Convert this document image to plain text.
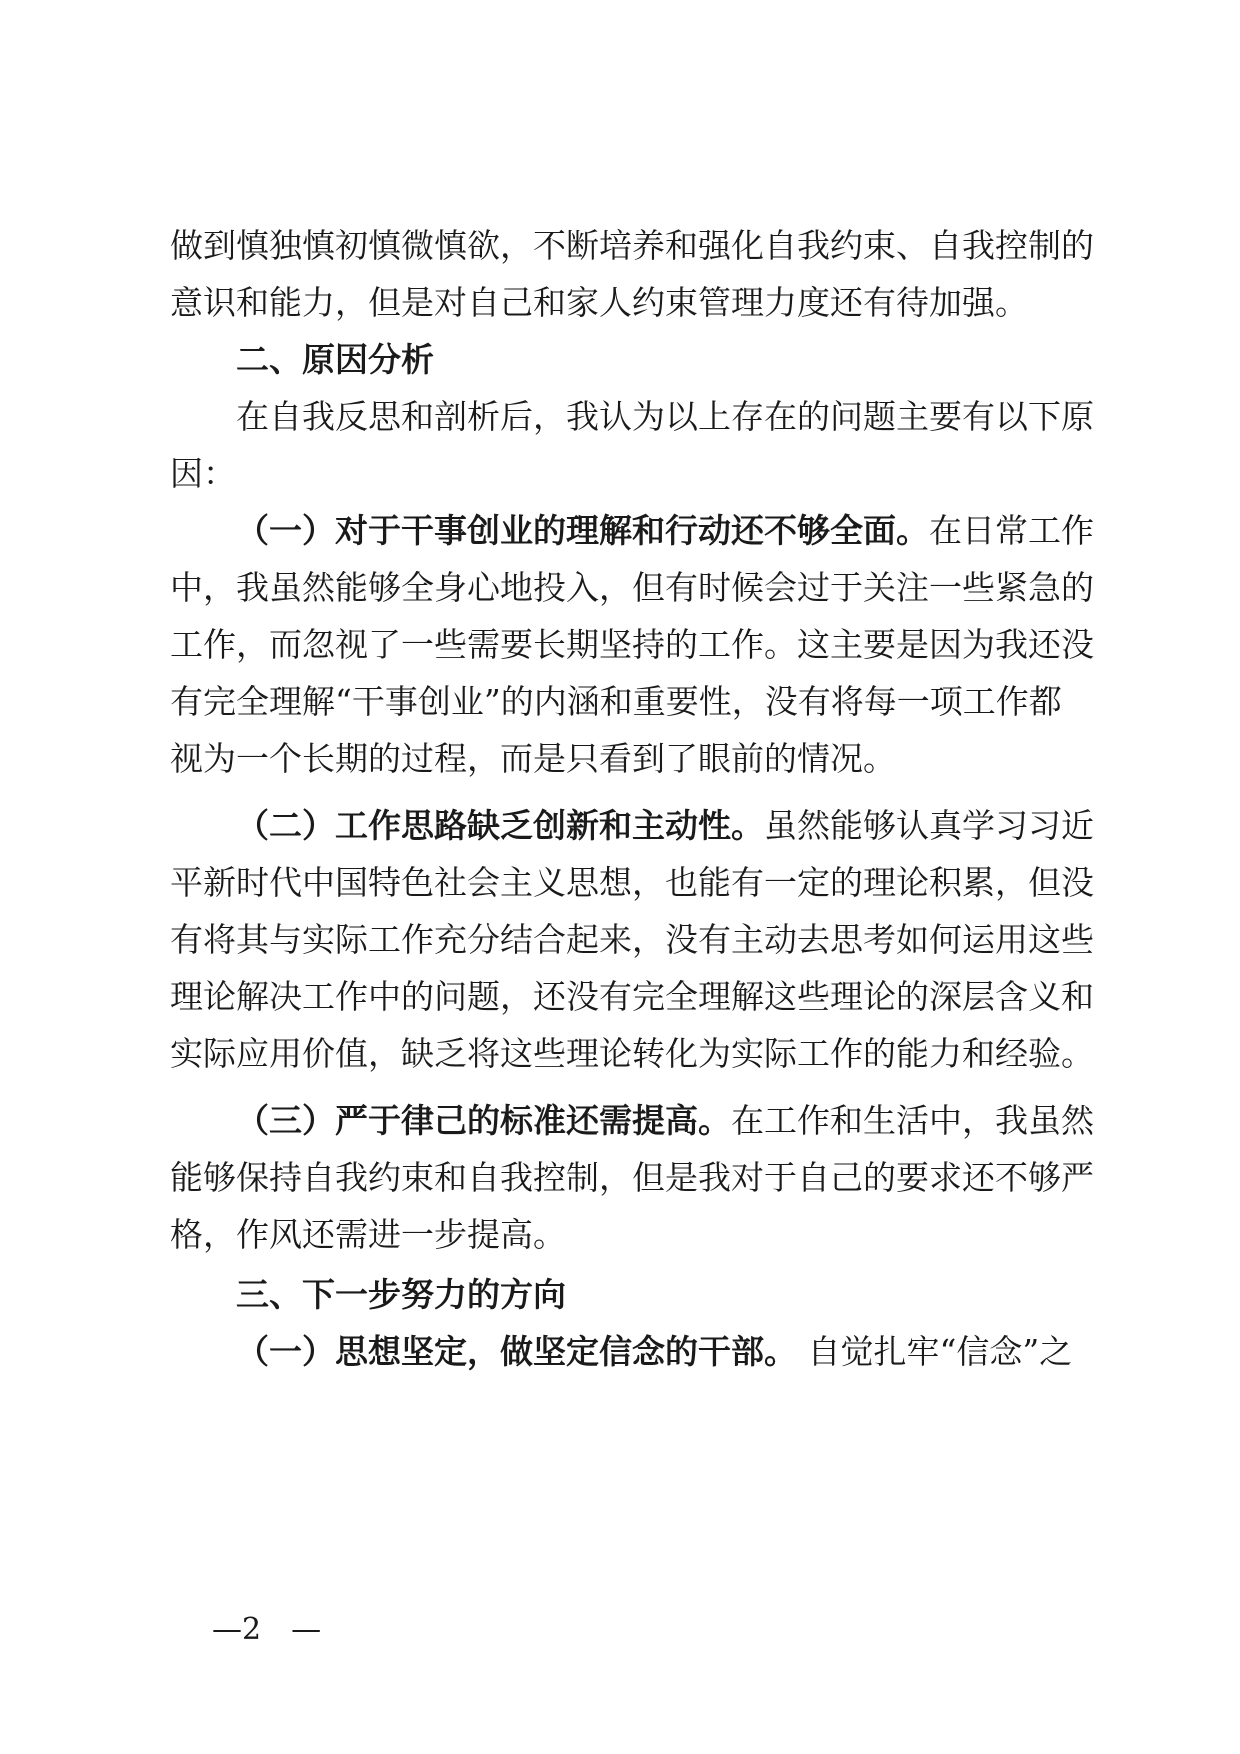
做到慎独慎初慎微慎欲，不断培养和强化自我约束、自我控制的
意识和能力，但是对自己和家人约束管理力度还有待加强。
二、原因分析
在自我反思和剖析后，我认为以上存在的问题主要有以下原
因：
（一）对于干事创业的理解和行动还不够全面。在日常工作
中，我虽然能够全身心地投入，但有时候会过于关注一些紧急的
工作，而忽视了一些需要长期坚持的工作。这主要是因为我还没
有完全理解“干事创业”的内涵和重要性，没有将每一项工作都
视为一个长期的过程，而是只看到了眼前的情况。
（二）工作思路缺乏创新和主动性。虽然能够认真学习习近
平新时代中国特色社会主义思想，也能有一定的理论积累，但没
有将其与实际工作充分结合起来，没有主动去思考如何运用这些
理论解决工作中的问题，还没有完全理解这些理论的深层含义和
实际应用价值，缺乏将这些理论转化为实际工作的能力和经验。
（三）严于律己的标准还需提高。在工作和生活中，我虽然
能够保持自我约束和自我控制，但是我对于自己的要求还不够严
格，作风还需进一步提高。
三、下一步努力的方向
（一）思想坚定，做坚定信念的干部。 自觉扎牢“信念”之
—2　—
